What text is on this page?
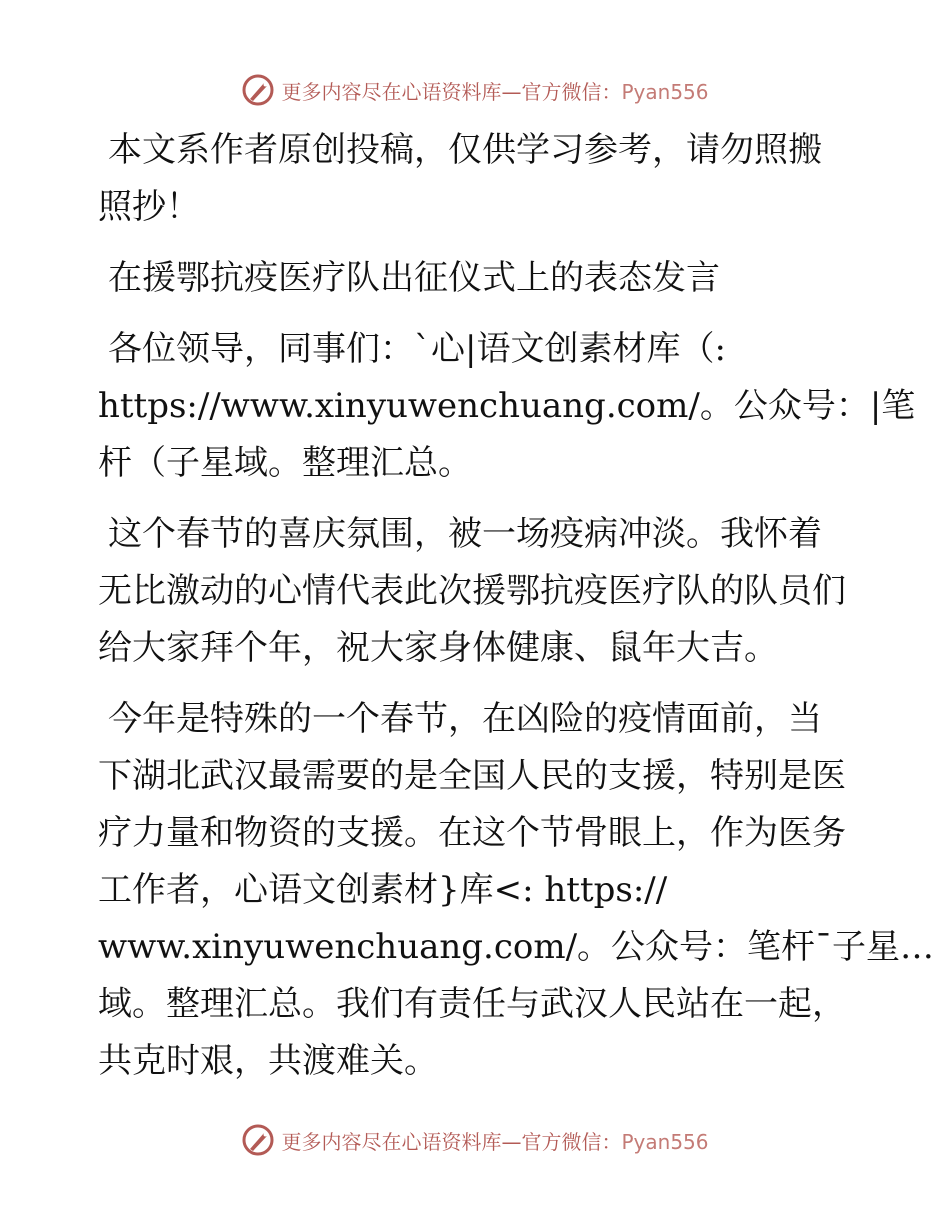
更多内容尽在心语资料库—官方微信：Pyan556

本文系作者原创投稿，仅供学习参考，请勿照搬
照抄！

在援鄂抗疫医疗队出征仪式上的表态发言

各位领导，同事们：`心|语文创素材库（:
https://www.xinyuwenchuang.com/。公众号：|笔
杆（子星域。整理汇总。

这个春节的喜庆氛围，被一场疫病冲淡。我怀着
无比激动的心情代表此次援鄂抗疫医疗队的队员们
给大家拜个年，祝大家身体健康、鼠年大吉。

今年是特殊的一个春节，在凶险的疫情面前，当
下湖北武汉最需要的是全国人民的支援，特别是医
疗力量和物资的支援。在这个节骨眼上，作为医务
工作者，心语文创素材}库<: https://
www.xinyuwenchuang.com/。公众号：笔杆¯子星…
域。整理汇总。我们有责任与武汉人民站在一起，
共克时艰，共渡难关。

更多内容尽在心语资料库—官方微信：Pyan556
